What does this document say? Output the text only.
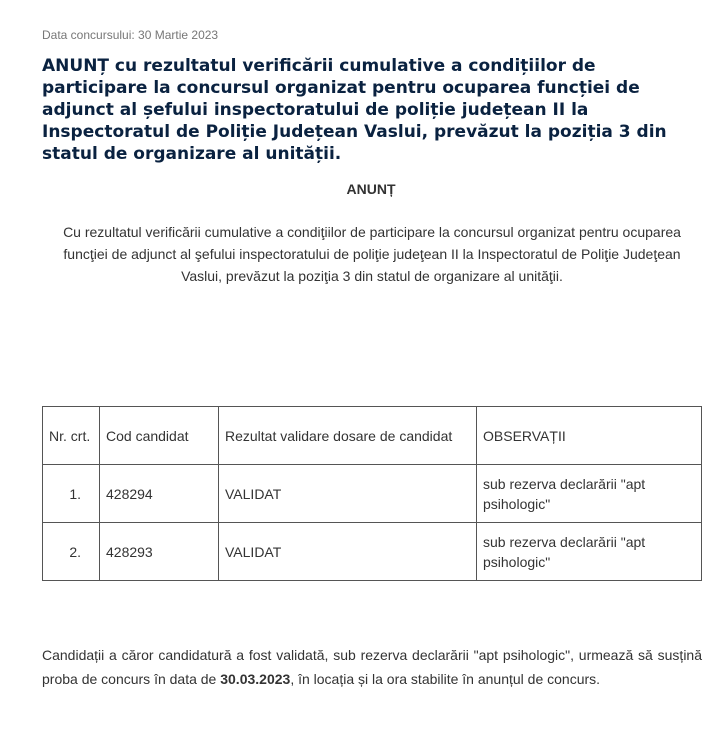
Data concursului: 30 Martie 2023
ANUNȚ cu rezultatul verificării cumulative a condițiilor de participare la concursul organizat pentru ocuparea funcției de adjunct al șefului inspectoratului de poliție județean II la Inspectoratul de Poliție Județean Vaslui, prevăzut la poziția 3 din statul de organizare al unității.
ANUNȚ

Cu rezultatul verificării cumulative a condiţiilor de participare la concursul organizat pentru ocuparea funcţiei de adjunct al şefului inspectoratului de poliţie judeţean II la Inspectoratul de Poliţie Judeţean Vaslui, prevăzut la poziţia 3 din statul de organizare al unităţii.

Nr. crt.	Cod candidat	Rezultat validare dosare de candidat	OBSERVAȚII
1.	428294	VALIDAT	sub rezerva declarării "apt psihologic"
2.	428293	VALIDAT	sub rezerva declarării "apt psihologic"

Candidații a căror candidatură a fost validată, sub rezerva declarării "apt psihologic", urmează să susțină proba de concurs în data de 30.03.2023, în locația și la ora stabilite în anunțul de concurs.
